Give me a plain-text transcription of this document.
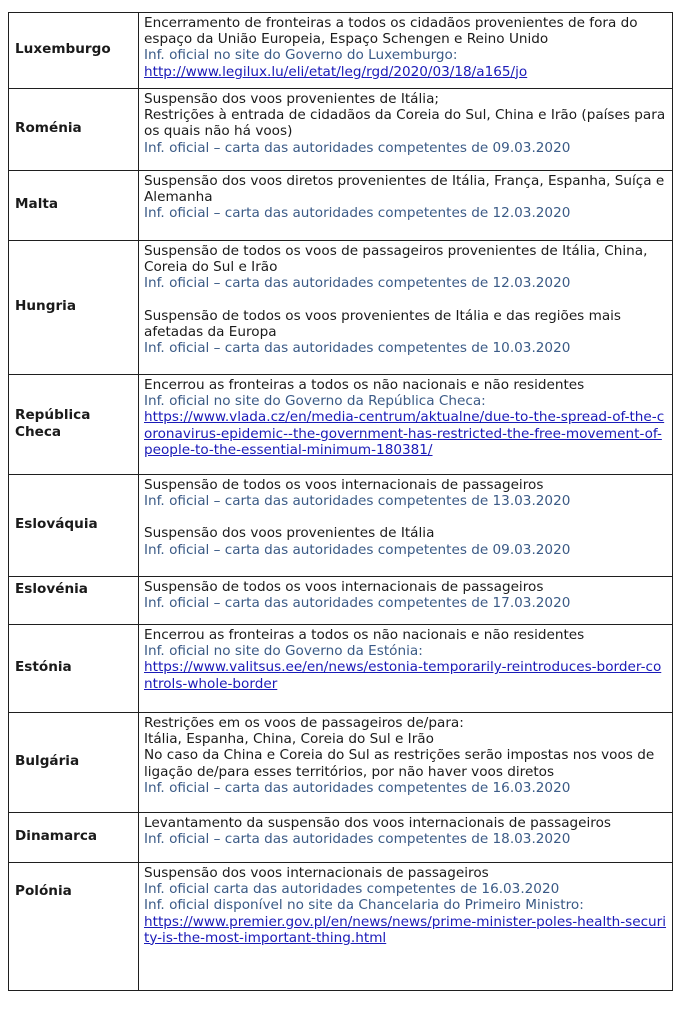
Luxemburgo	Encerramento de fronteiras a todos os cidadãos provenientes de fora do espaço da União Europeia, Espaço Schengen e Reino Unido
Inf. oficial no site do Governo do Luxemburgo:
http://www.legilux.lu/eli/etat/leg/rgd/2020/03/18/a165/jo

Roménia	Suspensão dos voos provenientes de Itália;
Restrições à entrada de cidadãos da Coreia do Sul, China e Irão (países para os quais não há voos)
Inf. oficial – carta das autoridades competentes de 09.03.2020

Malta	Suspensão dos voos diretos provenientes de Itália, França, Espanha, Suíça e Alemanha
Inf. oficial – carta das autoridades competentes de 12.03.2020

Hungria	Suspensão de todos os voos de passageiros provenientes de Itália, China, Coreia do Sul e Irão
Inf. oficial – carta das autoridades competentes de 12.03.2020
Suspensão de todos os voos provenientes de Itália e das regiões mais afetadas da Europa
Inf. oficial – carta das autoridades competentes de 10.03.2020

República Checa	Encerrou as fronteiras a todos os não nacionais e não residentes
Inf. oficial no site do Governo da República Checa:
https://www.vlada.cz/en/media-centrum/aktualne/due-to-the-spread-of-the-coronavirus-epidemic--the-government-has-restricted-the-free-movement-of-people-to-the-essential-minimum-180381/

Eslováquia	Suspensão de todos os voos internacionais de passageiros
Inf. oficial – carta das autoridades competentes de 13.03.2020
Suspensão dos voos provenientes de Itália
Inf. oficial – carta das autoridades competentes de 09.03.2020

Eslovénia	Suspensão de todos os voos internacionais de passageiros
Inf. oficial – carta das autoridades competentes de 17.03.2020

Estónia	Encerrou as fronteiras a todos os não nacionais e não residentes
Inf. oficial no site do Governo da Estónia:
https://www.valitsus.ee/en/news/estonia-temporarily-reintroduces-border-controls-whole-border

Bulgária	Restrições em os voos de passageiros de/para:
Itália, Espanha, China, Coreia do Sul e Irão
No caso da China e Coreia do Sul as restrições serão impostas nos voos de ligação de/para esses territórios, por não haver voos diretos
Inf. oficial – carta das autoridades competentes de 16.03.2020

Dinamarca	Levantamento da suspensão dos voos internacionais de passageiros
Inf. oficial – carta das autoridades competentes de 18.03.2020

Polónia	Suspensão dos voos internacionais de passageiros
Inf. oficial carta das autoridades competentes de 16.03.2020
Inf. oficial disponível no site da Chancelaria do Primeiro Ministro:
https://www.premier.gov.pl/en/news/news/prime-minister-poles-health-security-is-the-most-important-thing.html
